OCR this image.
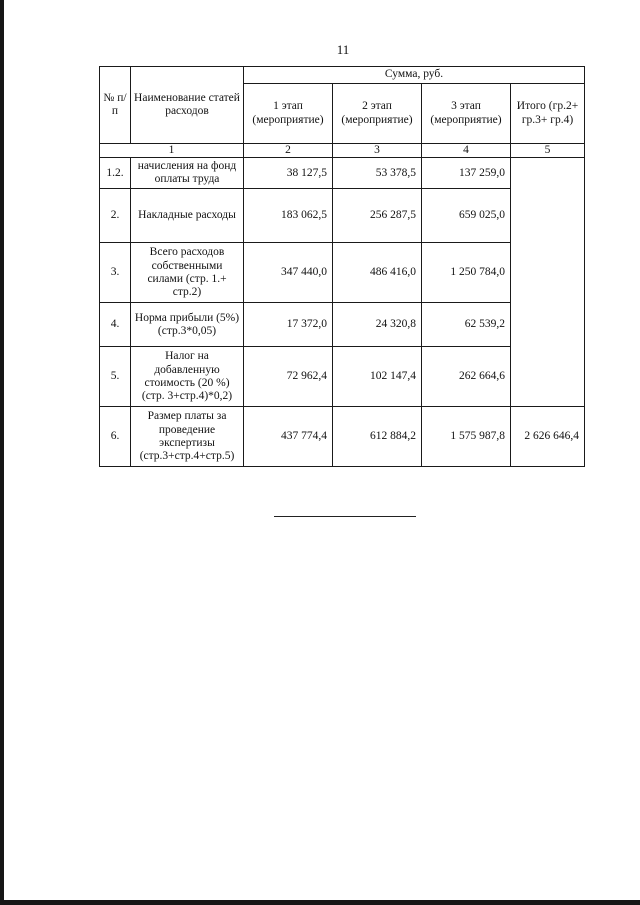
11
№ п/п	Наименование статей расходов	Сумма, руб.			
		1 этап (мероприятие)	2 этап (мероприятие)	3 этап (мероприятие)	Итого (гр.2+ гр.3+ гр.4)
1		2	3	4	5
1.2.	начисления на фонд оплаты труда	38 127,5	53 378,5	137 259,0	
2.	Накладные расходы	183 062,5	256 287,5	659 025,0	
3.	Всего расходов собственными силами (стр. 1.+ стр.2)	347 440,0	486 416,0	1 250 784,0	
4.	Норма прибыли (5%) (стр.3*0,05)	17 372,0	24 320,8	62 539,2	
5.	Налог на добавленную стоимость (20 %) (стр. 3+стр.4)*0,2)	72 962,4	102 147,4	262 664,6	
6.	Размер платы за проведение экспертизы (стр.3+стр.4+стр.5)	437 774,4	612 884,2	1 575 987,8	2 626 646,4
